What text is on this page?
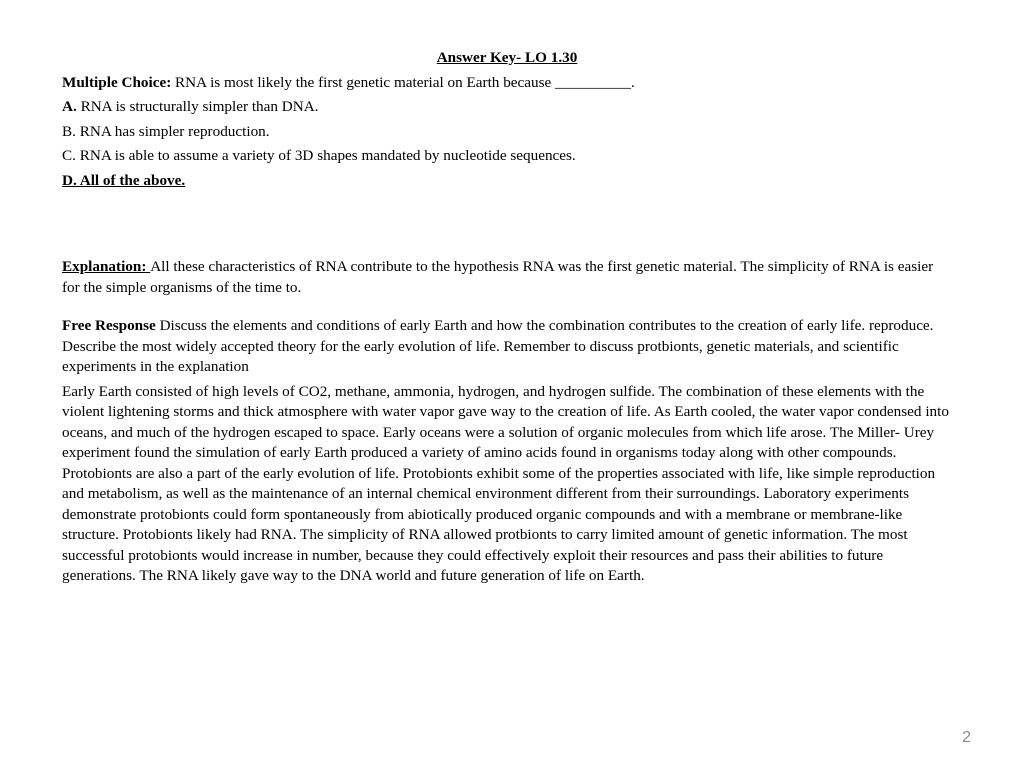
Answer Key- LO 1.30
Multiple Choice: RNA is most likely the first genetic material on Earth because __________.
A. RNA is structurally simpler than DNA.
B. RNA has simpler reproduction.
C. RNA is able to assume a variety of 3D shapes mandated by nucleotide sequences.
D. All of the above.
Explanation: All these characteristics of RNA contribute to the hypothesis RNA was the first genetic material. The simplicity of RNA is easier for the simple organisms of the time to.
Free Response Discuss the elements and conditions of early Earth and how the combination contributes to the creation of early life. reproduce. Describe the most widely accepted theory for the early evolution of life. Remember to discuss protbionts, genetic materials, and scientific experiments in the explanation
Early Earth consisted of high levels of CO2, methane, ammonia, hydrogen, and hydrogen sulfide. The combination of these elements with the violent lightening storms and thick atmosphere with water vapor gave way to the creation of life. As Earth cooled, the water vapor condensed into oceans, and much of the hydrogen escaped to space. Early oceans were a solution of organic molecules from which life arose. The Miller- Urey experiment found the simulation of early Earth produced a variety of amino acids found in organisms today along with other compounds. Protobionts are also a part of the early evolution of life. Protobionts exhibit some of the properties associated with life, like simple reproduction and metabolism, as well as the maintenance of an internal chemical environment different from their surroundings. Laboratory experiments demonstrate protobionts could form spontaneously from abiotically produced organic compounds and with a membrane or membrane-like structure. Protobionts likely had RNA. The simplicity of RNA allowed protbionts to carry limited amount of genetic information. The most successful protobionts would increase in number, because they could effectively exploit their resources and pass their abilities to future generations. The RNA likely gave way to the DNA world and future generation of life on Earth.
2
